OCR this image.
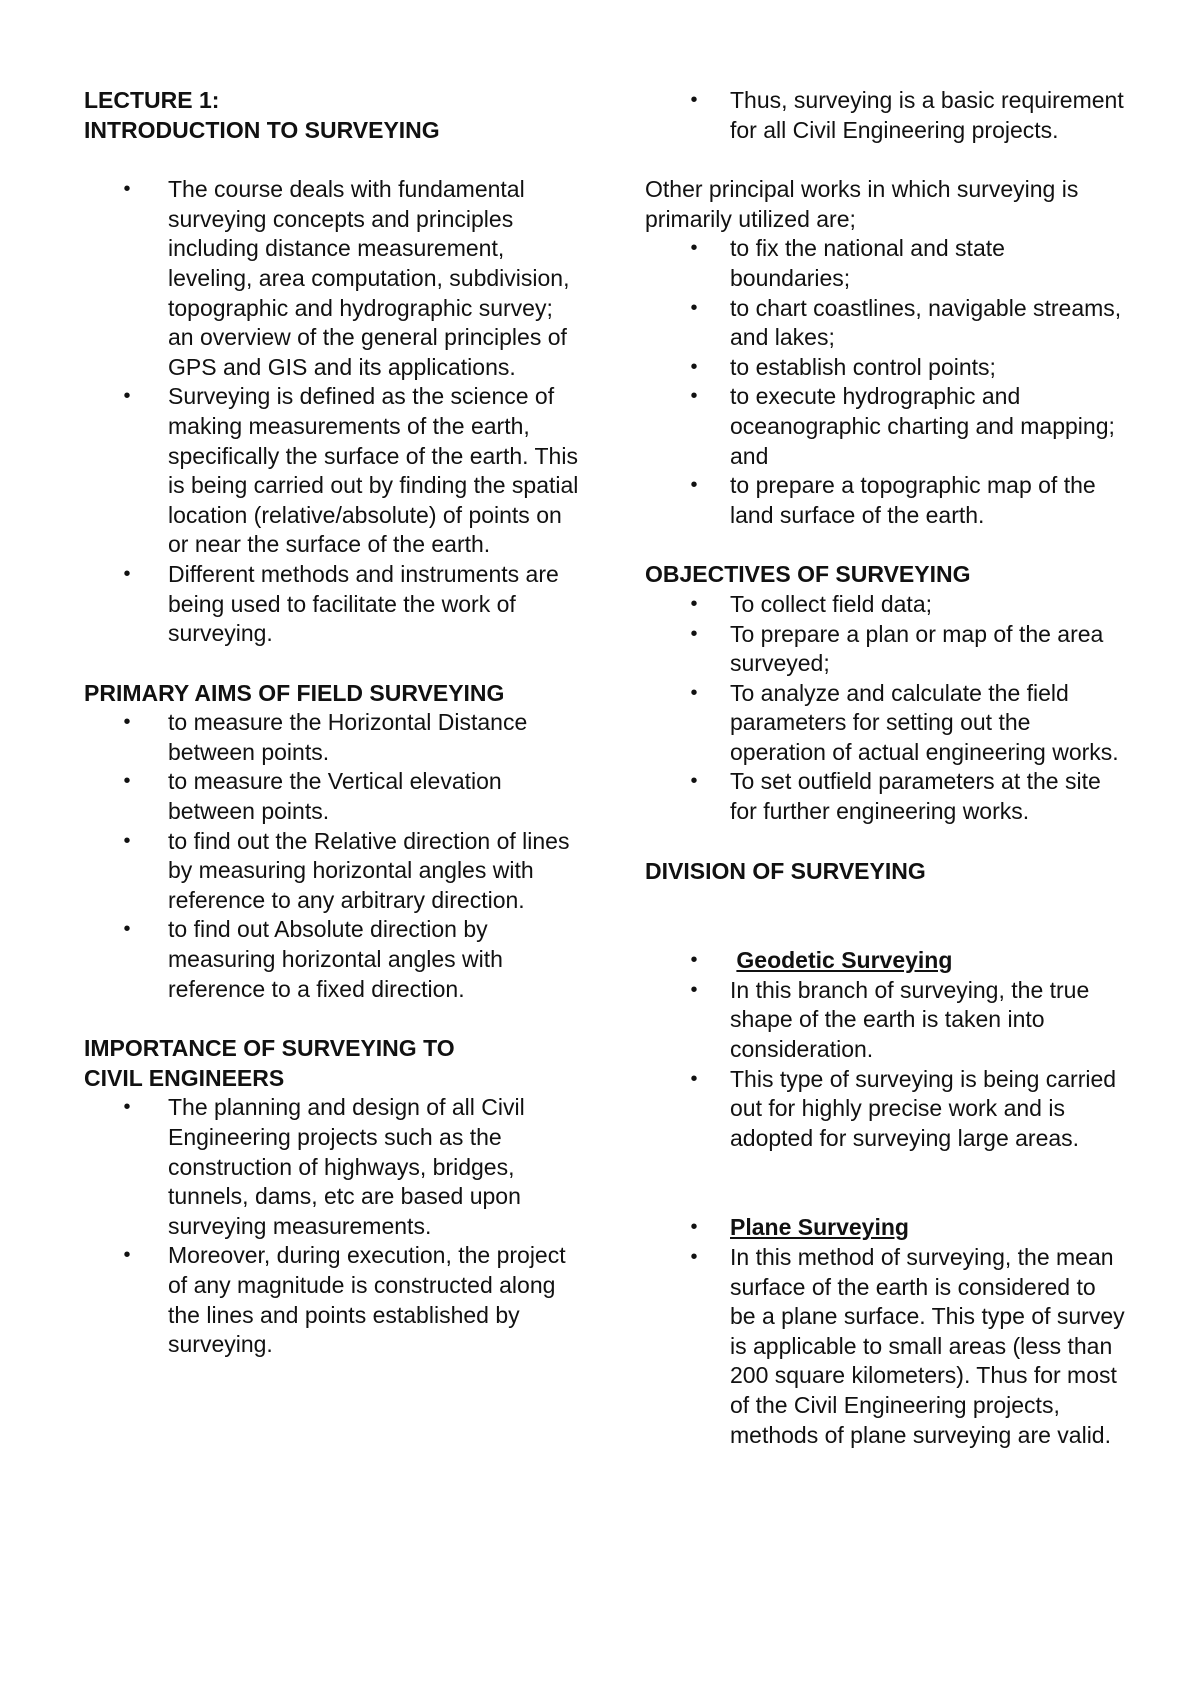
LECTURE 1:
INTRODUCTION TO SURVEYING
• The course deals with fundamental surveying concepts and principles including distance measurement, leveling, area computation, subdivision, topographic and hydrographic survey; an overview of the general principles of GPS and GIS and its applications.
• Surveying is defined as the science of making measurements of the earth, specifically the surface of the earth. This is being carried out by finding the spatial location (relative/absolute) of points on or near the surface of the earth.
• Different methods and instruments are being used to facilitate the work of surveying.
PRIMARY AIMS OF FIELD SURVEYING
• to measure the Horizontal Distance between points.
• to measure the Vertical elevation between points.
• to find out the Relative direction of lines by measuring horizontal angles with reference to any arbitrary direction.
• to find out Absolute direction by measuring horizontal angles with reference to a fixed direction.
IMPORTANCE OF SURVEYING TO
CIVIL ENGINEERS
• The planning and design of all Civil Engineering projects such as the construction of highways, bridges, tunnels, dams, etc are based upon surveying measurements.
• Moreover, during execution, the project of any magnitude is constructed along the lines and points established by surveying.
• Thus, surveying is a basic requirement for all Civil Engineering projects.

Other principal works in which surveying is primarily utilized are;

• to fix the national and state boundaries;
• to chart coastlines, navigable streams, and lakes;
• to establish control points;
• to execute hydrographic and oceanographic charting and mapping; and
• to prepare a topographic map of the land surface of the earth.
OBJECTIVES OF SURVEYING
• To collect field data;
• To prepare a plan or map of the area surveyed;
• To analyze and calculate the field parameters for setting out the operation of actual engineering works.
• To set outfield parameters at the site for further engineering works.
DIVISION OF SURVEYING
• Geodetic Surveying
• In this branch of surveying, the true shape of the earth is taken into consideration.
• This type of surveying is being carried out for highly precise work and is adopted for surveying large areas.
• Plane Surveying
• In this method of surveying, the mean surface of the earth is considered to be a plane surface. This type of survey is applicable to small areas (less than 200 square kilometers). Thus for most of the Civil Engineering projects, methods of plane surveying are valid.
